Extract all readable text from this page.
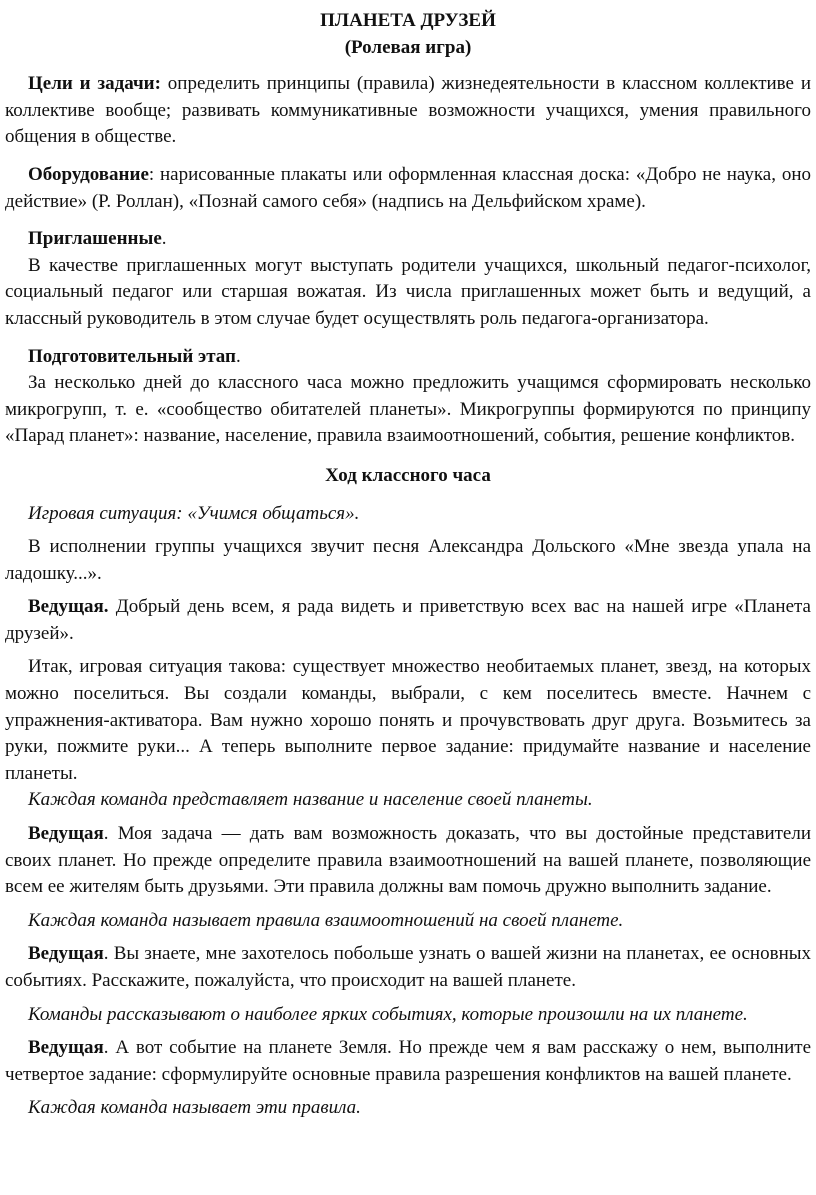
ПЛАНЕТА ДРУЗЕЙ
(Ролевая игра)

Цели и задачи: определить принципы (правила) жизнедеятельности в классном коллективе и коллективе вообще; развивать коммуникативные возможности учащихся, умения правильного общения в обществе.

Оборудование: нарисованные плакаты или оформленная классная доска: «Добро не наука, оно действие» (Р. Роллан), «Познай самого себя» (надпись на Дельфийском храме).

Приглашенные.

В качестве приглашенных могут выступать родители учащихся, школьный педагог-психолог, социальный педагог или старшая вожатая. Из числа приглашенных может быть и ведущий, а классный руководитель в этом случае будет осуществлять роль педагога-организатора.

Подготовительный этап.

За несколько дней до классного часа можно предложить учащимся сформировать несколько микрогрупп, т. е. «сообщество обитателей планеты». Микрогруппы формируются по принципу «Парад планет»: название, население, правила взаимоотношений, события, решение конфликтов.

Ход классного часа

Игровая ситуация: «Учимся общаться».

В исполнении группы учащихся звучит песня Александра Дольского «Мне звезда упала на ладошку...».

Ведущая. Добрый день всем, я рада видеть и приветствую всех вас на нашей игре «Планета друзей».

Итак, игровая ситуация такова: существует множество необитаемых планет, звезд, на которых можно поселиться. Вы создали команды, выбрали, с кем поселитесь вместе. Начнем с упражнения-активатора. Вам нужно хорошо понять и прочувствовать друг друга. Возьмитесь за руки, пожмите руки... А теперь выполните первое задание: придумайте название и население планеты.

Каждая команда представляет название и население своей планеты.

Ведущая. Моя задача — дать вам возможность доказать, что вы достойные представители своих планет. Но прежде определите правила взаимоотношений на вашей планете, позволяющие всем ее жителям быть друзьями. Эти правила должны вам помочь дружно выполнить задание.

Каждая команда называет правила взаимоотношений на своей планете.

Ведущая. Вы знаете, мне захотелось побольше узнать о вашей жизни на планетах, ее основных событиях. Расскажите, пожалуйста, что происходит на вашей планете.

Команды рассказывают о наиболее ярких событиях, которые произошли на их планете.

Ведущая. А вот событие на планете Земля. Но прежде чем я вам расскажу о нем, выполните четвертое задание: сформулируйте основные правила разрешения конфликтов на вашей планете.

Каждая команда называет эти правила.
